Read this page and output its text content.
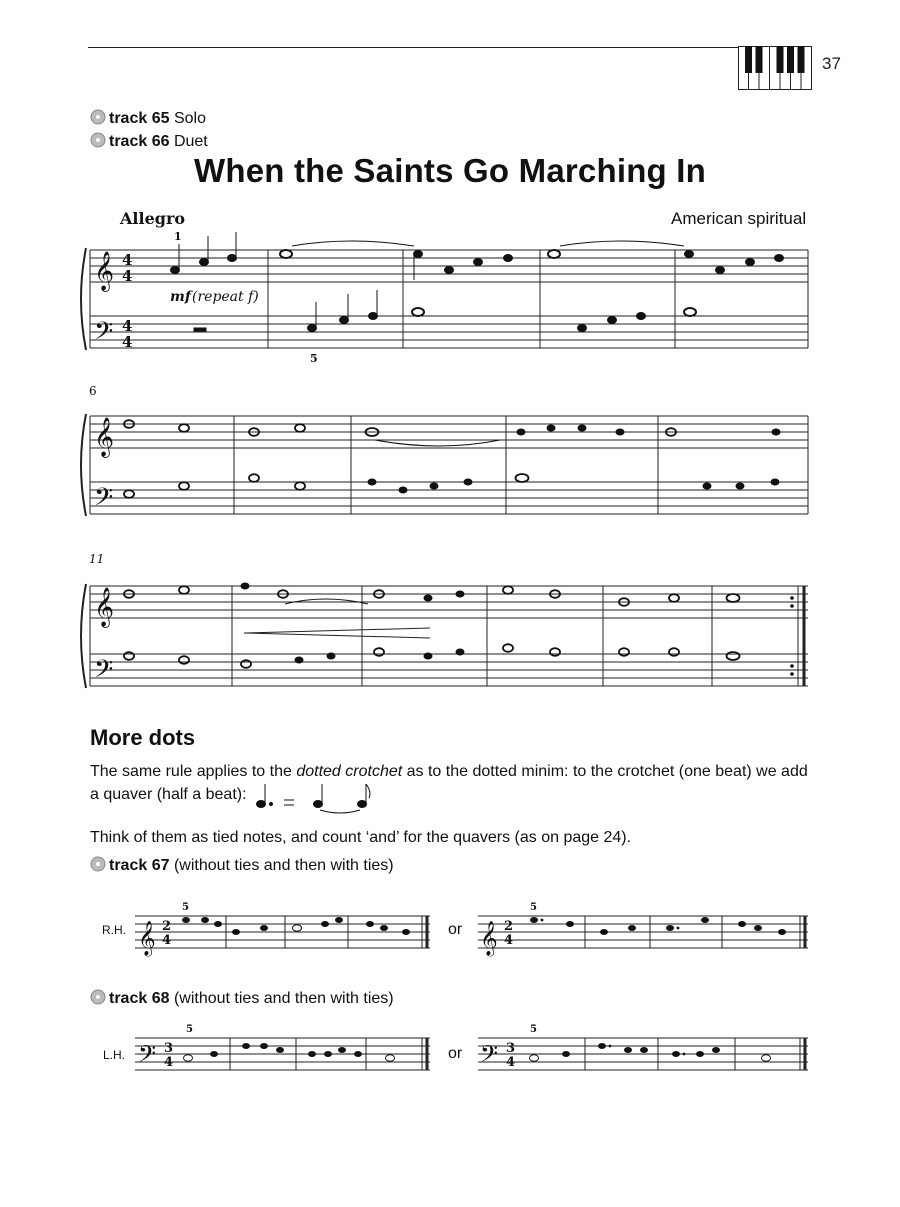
37
track 65 Solo
track 66 Duet
When the Saints Go Marching In
Allegro	American spiritual
𝄞
𝄢
𝄞
𝄢
𝄞
𝄢
4
4
4
4
1
5
6
11
mf (repeat f)
More dots
The same rule applies to the dotted crotchet as to the dotted minim: to the crotchet (one beat) we add
a quaver (half a beat):
Think of them as tied notes, and count ‘and’ for the quavers (as on page 24).
track 67 (without ties and then with ties)
R.H.	or
𝄞	𝄞
2
4
2
4
5	5
track 68 (without ties and then with ties)
L.H.	or
𝄢	𝄢
3
4
3
4
5	5
